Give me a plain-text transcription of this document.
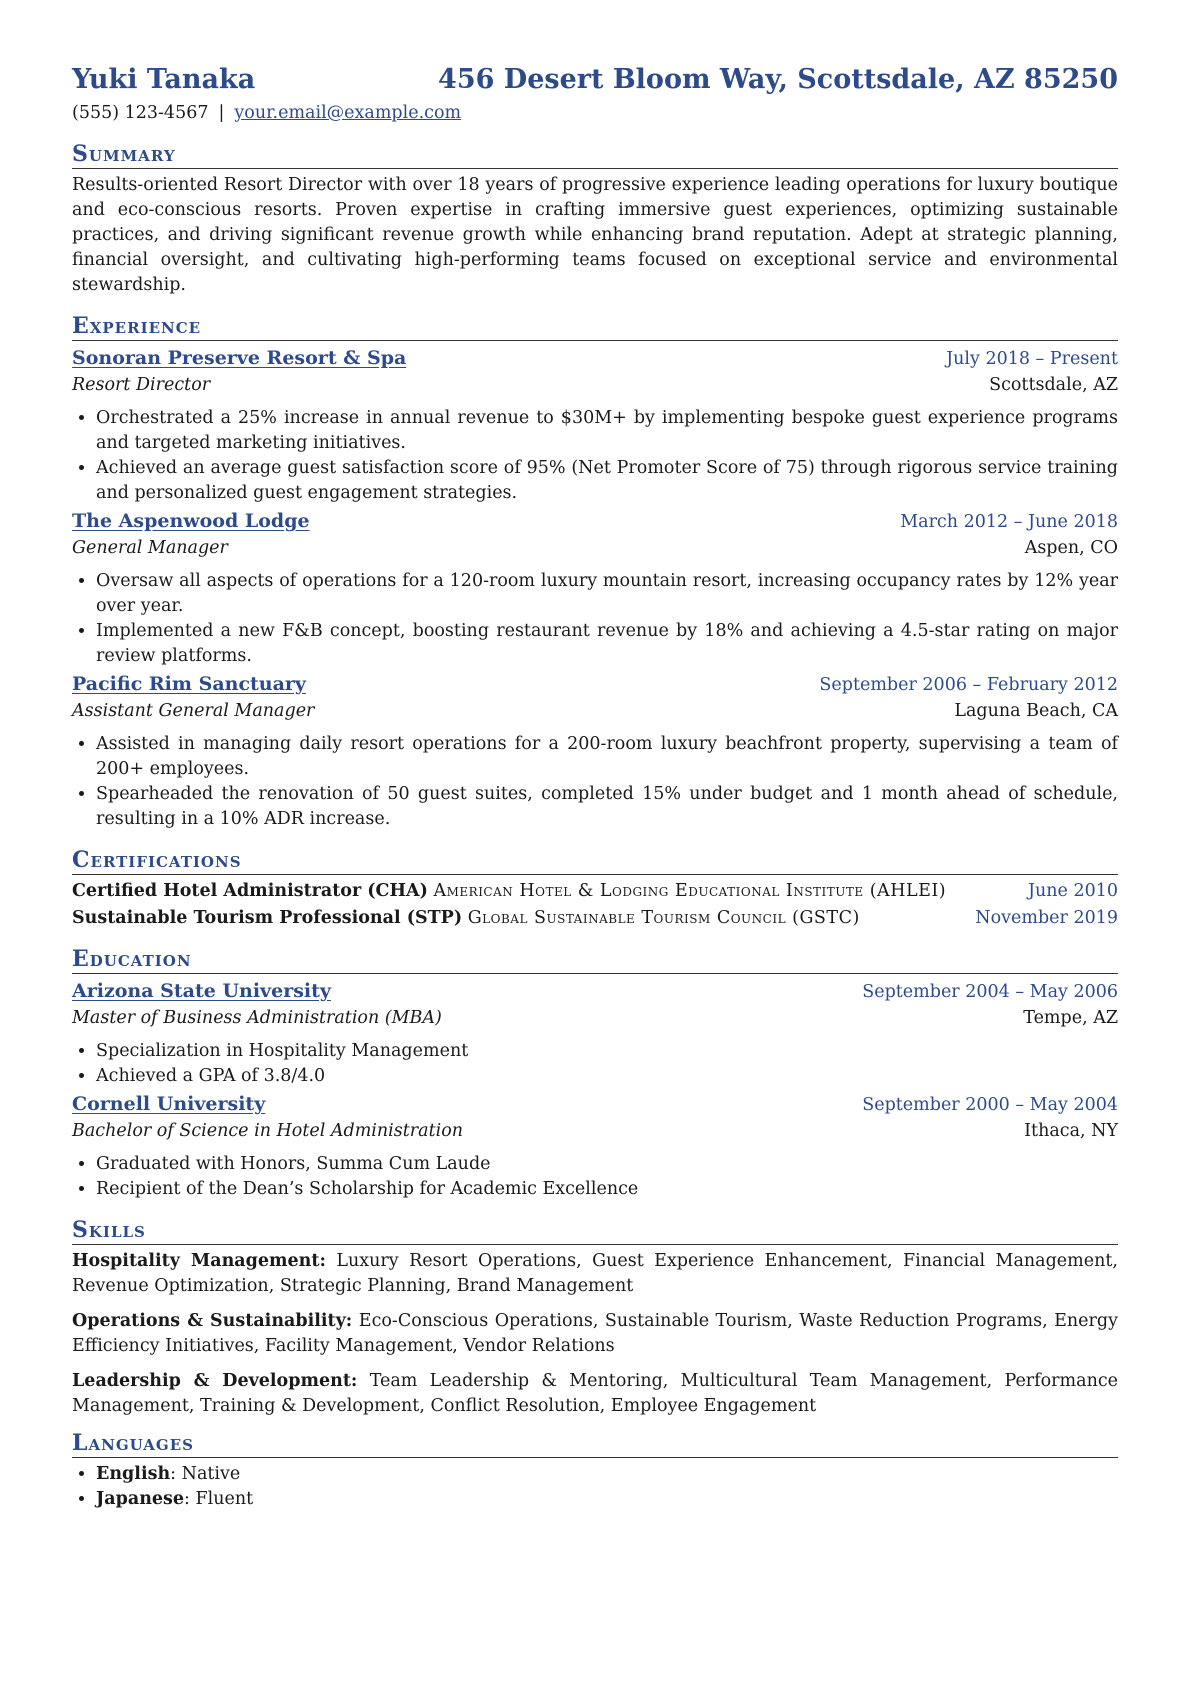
Yuki Tanaka	456 Desert Bloom Way, Scottsdale, AZ 85250
(555) 123-4567 | your.email@example.com
Summary
Results-oriented Resort Director with over 18 years of progressive experience leading operations for luxury boutique and eco-conscious resorts. Proven expertise in crafting immersive guest experiences, optimizing sustainable practices, and driving significant revenue growth while enhancing brand reputation. Adept at strategic planning, financial oversight, and cultivating high-performing teams focused on exceptional service and environmental stewardship.
Experience
Sonoran Preserve Resort & Spa	July 2018 – Present
Resort Director	Scottsdale, AZ
• Orchestrated a 25% increase in annual revenue to $30M+ by implementing bespoke guest experience programs and targeted marketing initiatives.
• Achieved an average guest satisfaction score of 95% (Net Promoter Score of 75) through rigorous service training and personalized guest engagement strategies.
The Aspenwood Lodge	March 2012 – June 2018
General Manager	Aspen, CO
• Oversaw all aspects of operations for a 120-room luxury mountain resort, increasing occupancy rates by 12% year over year.
• Implemented a new F&B concept, boosting restaurant revenue by 18% and achieving a 4.5-star rating on major review platforms.
Pacific Rim Sanctuary	September 2006 – February 2012
Assistant General Manager	Laguna Beach, CA
• Assisted in managing daily resort operations for a 200-room luxury beachfront property, supervising a team of 200+ employees.
• Spearheaded the renovation of 50 guest suites, completed 15% under budget and 1 month ahead of schedule, resulting in a 10% ADR increase.
Certifications
Certified Hotel Administrator (CHA) American Hotel & Lodging Educational Institute (AHLEI)	June 2010
Sustainable Tourism Professional (STP) Global Sustainable Tourism Council (GSTC)	November 2019
Education
Arizona State University	September 2004 – May 2006
Master of Business Administration (MBA)	Tempe, AZ
• Specialization in Hospitality Management
• Achieved a GPA of 3.8/4.0
Cornell University	September 2000 – May 2004
Bachelor of Science in Hotel Administration	Ithaca, NY
• Graduated with Honors, Summa Cum Laude
• Recipient of the Dean’s Scholarship for Academic Excellence
Skills
Hospitality Management: Luxury Resort Operations, Guest Experience Enhancement, Financial Management, Revenue Optimization, Strategic Planning, Brand Management
Operations & Sustainability: Eco-Conscious Operations, Sustainable Tourism, Waste Reduction Programs, Energy Efficiency Initiatives, Facility Management, Vendor Relations
Leadership & Development: Team Leadership & Mentoring, Multicultural Team Management, Performance Management, Training & Development, Conflict Resolution, Employee Engagement
Languages
• English: Native
• Japanese: Fluent
